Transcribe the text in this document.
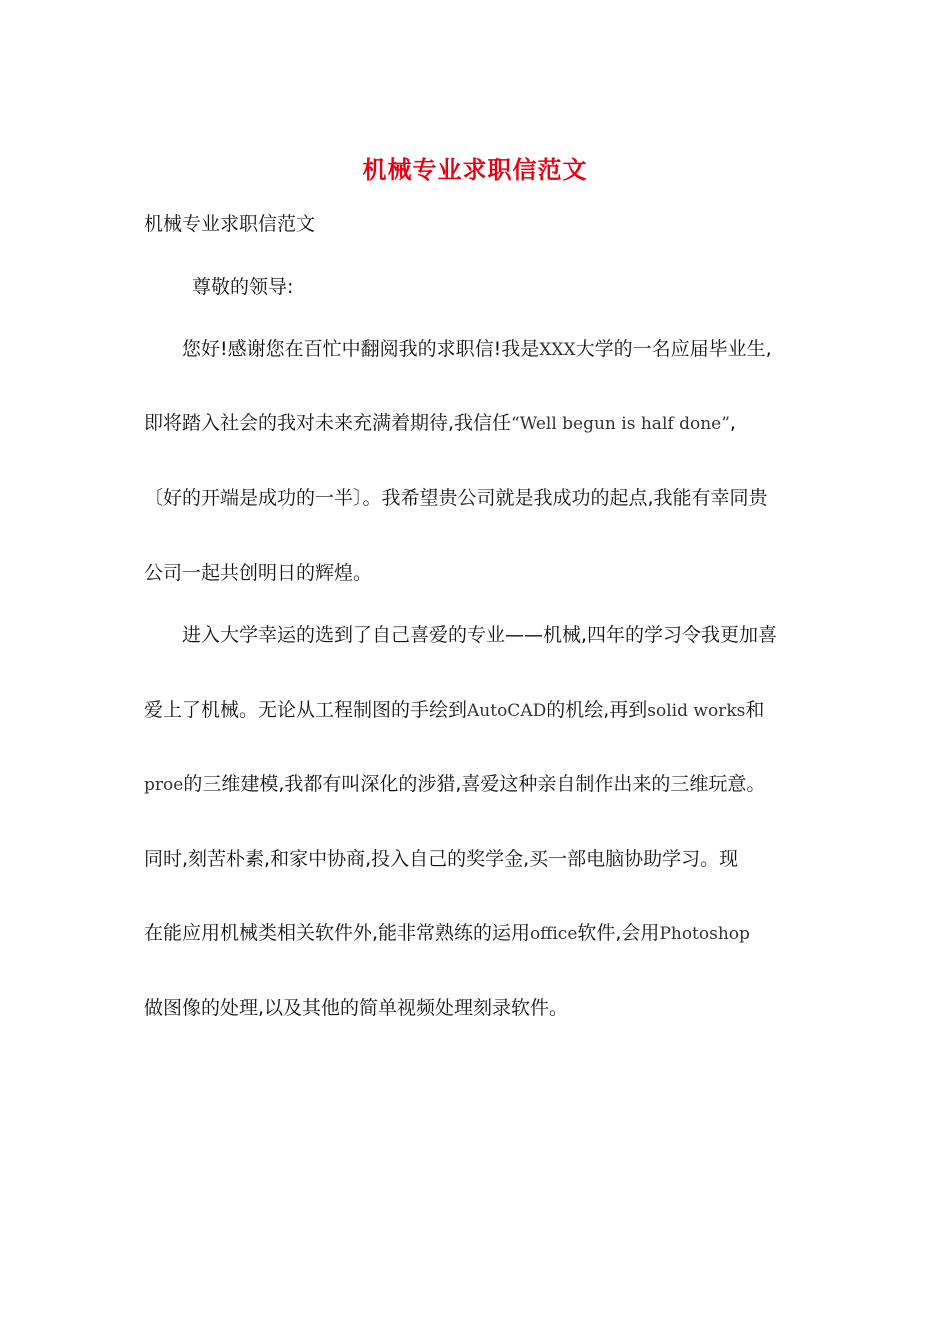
机械专业求职信范文
机械专业求职信范文
尊敬的领导:
您好!感谢您在百忙中翻阅我的求职信!我是XXX大学的一名应届毕业生,
即将踏入社会的我对未来充满着期待,我信任“Well begun is half done”,
〔好的开端是成功的一半〕。我希望贵公司就是我成功的起点,我能有幸同贵
公司一起共创明日的辉煌。
进入大学幸运的选到了自己喜爱的专业——机械,四年的学习令我更加喜
爱上了机械。无论从工程制图的手绘到AutoCAD的机绘,再到solid works和
proe的三维建模,我都有叫深化的涉猎,喜爱这种亲自制作出来的三维玩意。
同时,刻苦朴素,和家中协商,投入自己的奖学金,买一部电脑协助学习。现
在能应用机械类相关软件外,能非常熟练的运用office软件,会用Photoshop
做图像的处理,以及其他的简单视频处理刻录软件。
